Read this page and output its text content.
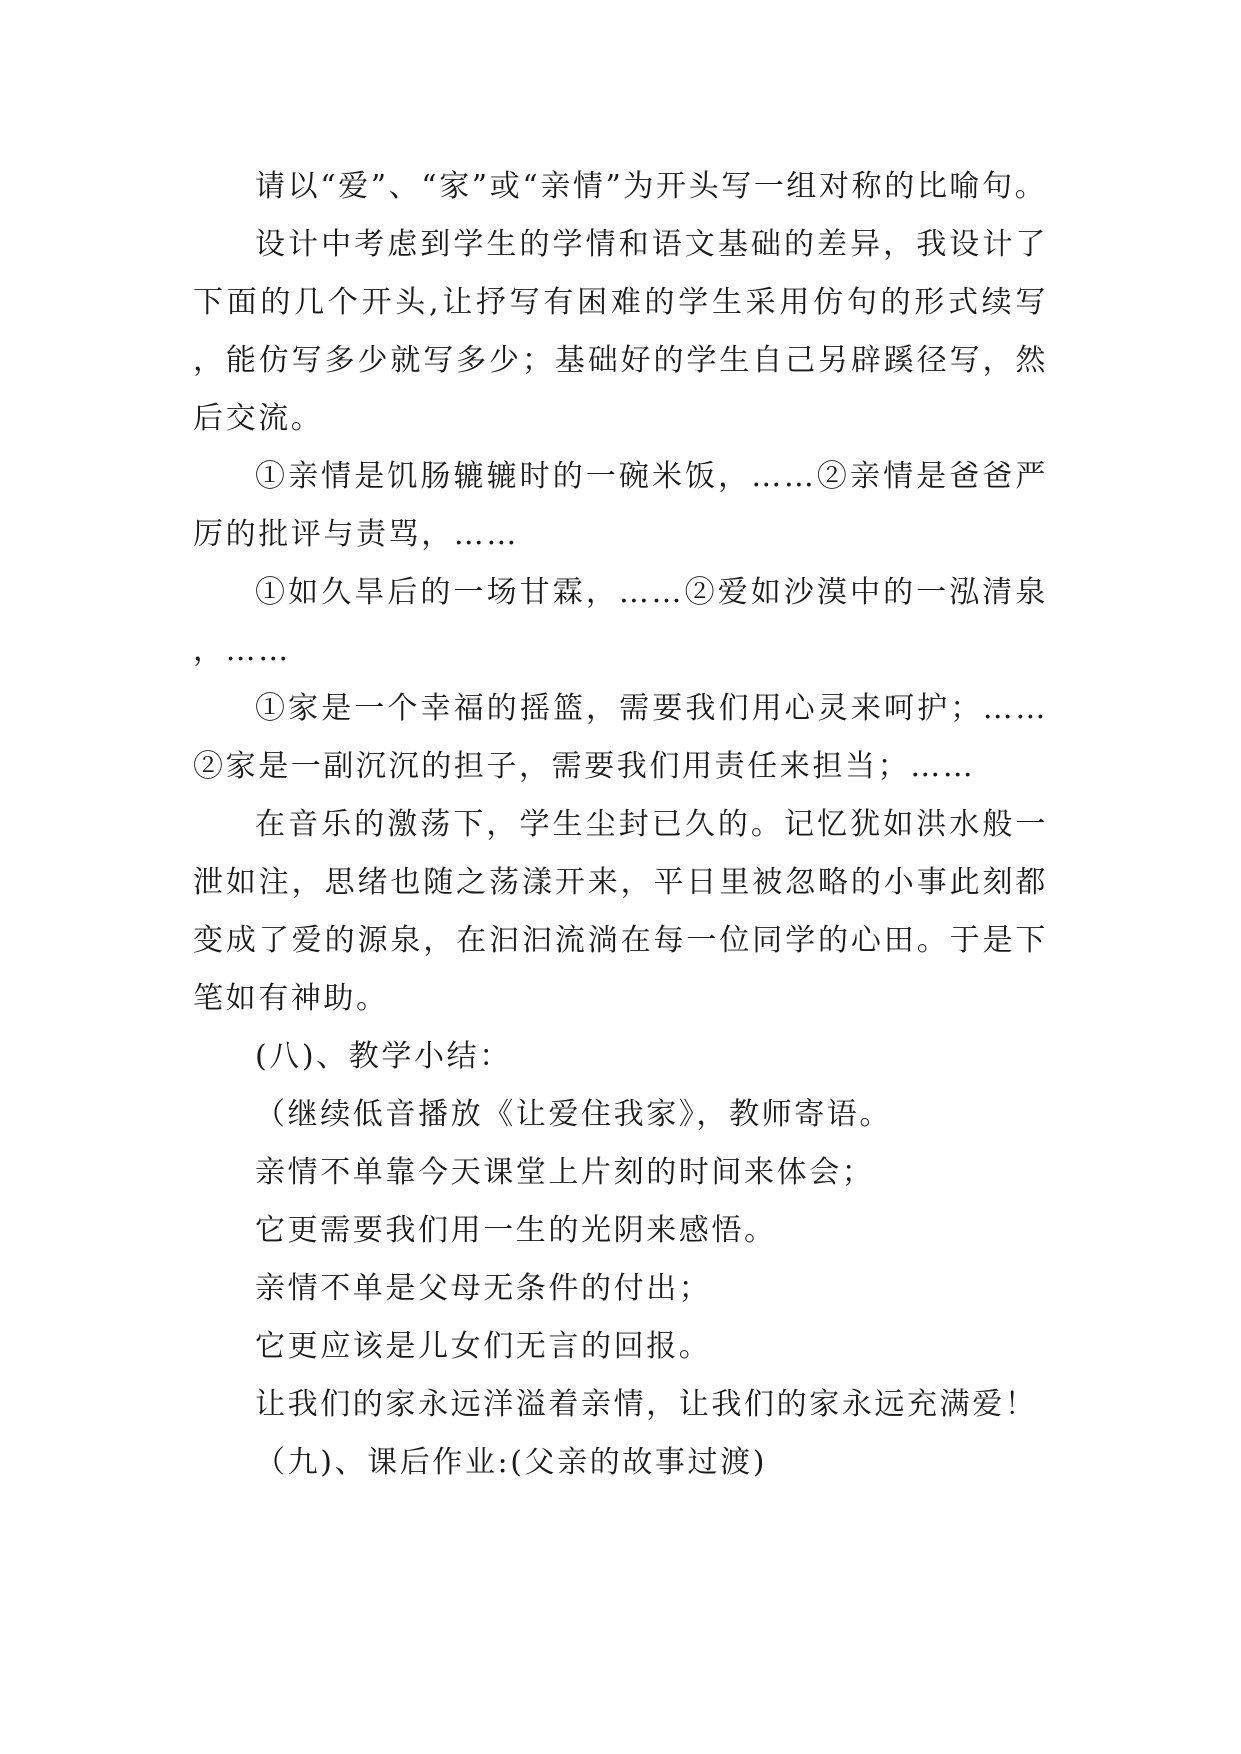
请以“爱”、“家”或“亲情”为开头写一组对称的比喻句。

设计中考虑到学生的学情和语文基础的差异，我设计了下面的几个开头,让抒写有困难的学生采用仿句的形式续写，能仿写多少就写多少；基础好的学生自己另辟蹊径写，然后交流。

①亲情是饥肠辘辘时的一碗米饭，……②亲情是爸爸严厉的批评与责骂，……

①如久旱后的一场甘霖，……②爱如沙漠中的一泓清泉，……

①家是一个幸福的摇篮，需要我们用心灵来呵护；……②家是一副沉沉的担子，需要我们用责任来担当；……

在音乐的激荡下，学生尘封已久的。记忆犹如洪水般一泄如注，思绪也随之荡漾开来，平日里被忽略的小事此刻都变成了爱的源泉，在汩汩流淌在每一位同学的心田。于是下笔如有神助。

(八)、教学小结：

（继续低音播放《让爱住我家》，教师寄语。

亲情不单靠今天课堂上片刻的时间来体会；

它更需要我们用一生的光阴来感悟。

亲情不单是父母无条件的付出；

它更应该是儿女们无言的回报。

让我们的家永远洋溢着亲情，让我们的家永远充满爱！

（九)、课后作业:(父亲的故事过渡)
